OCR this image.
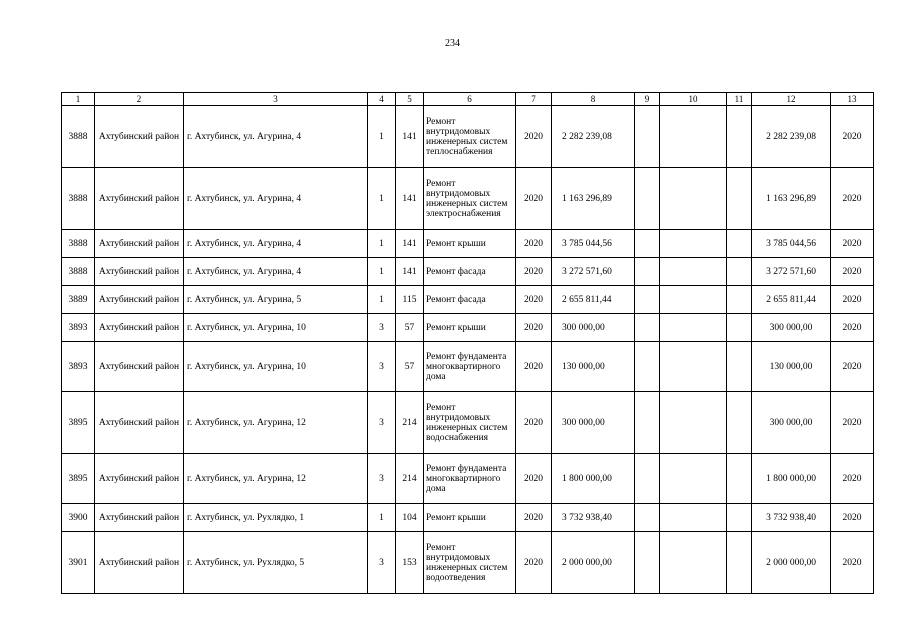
234
1	2	3	4	5	6	7	8	9	10	11	12	13
3888	Ахтубинский район	г. Ахтубинск, ул. Агурина, 4	1	141	Ремонт внутридомовых инженерных систем теплоснабжения	2020	2 282 239,08				2 282 239,08	2020
3888	Ахтубинский район	г. Ахтубинск, ул. Агурина, 4	1	141	Ремонт внутридомовых инженерных систем электроснабжения	2020	1 163 296,89				1 163 296,89	2020
3888	Ахтубинский район	г. Ахтубинск, ул. Агурина, 4	1	141	Ремонт крыши	2020	3 785 044,56				3 785 044,56	2020
3888	Ахтубинский район	г. Ахтубинск, ул. Агурина, 4	1	141	Ремонт фасада	2020	3 272 571,60				3 272 571,60	2020
3889	Ахтубинский район	г. Ахтубинск, ул. Агурина, 5	1	115	Ремонт фасада	2020	2 655 811,44				2 655 811,44	2020
3893	Ахтубинский район	г. Ахтубинск, ул. Агурина, 10	3	57	Ремонт крыши	2020	300 000,00				300 000,00	2020
3893	Ахтубинский район	г. Ахтубинск, ул. Агурина, 10	3	57	Ремонт фундамента многоквартирного дома	2020	130 000,00				130 000,00	2020
3895	Ахтубинский район	г. Ахтубинск, ул. Агурина, 12	3	214	Ремонт внутридомовых инженерных систем водоснабжения	2020	300 000,00				300 000,00	2020
3895	Ахтубинский район	г. Ахтубинск, ул. Агурина, 12	3	214	Ремонт фундамента многоквартирного дома	2020	1 800 000,00				1 800 000,00	2020
3900	Ахтубинский район	г. Ахтубинск, ул. Рухлядко, 1	1	104	Ремонт крыши	2020	3 732 938,40				3 732 938,40	2020
3901	Ахтубинский район	г. Ахтубинск, ул. Рухлядко, 5	3	153	Ремонт внутридомовых инженерных систем водоотведения	2020	2 000 000,00				2 000 000,00	2020
